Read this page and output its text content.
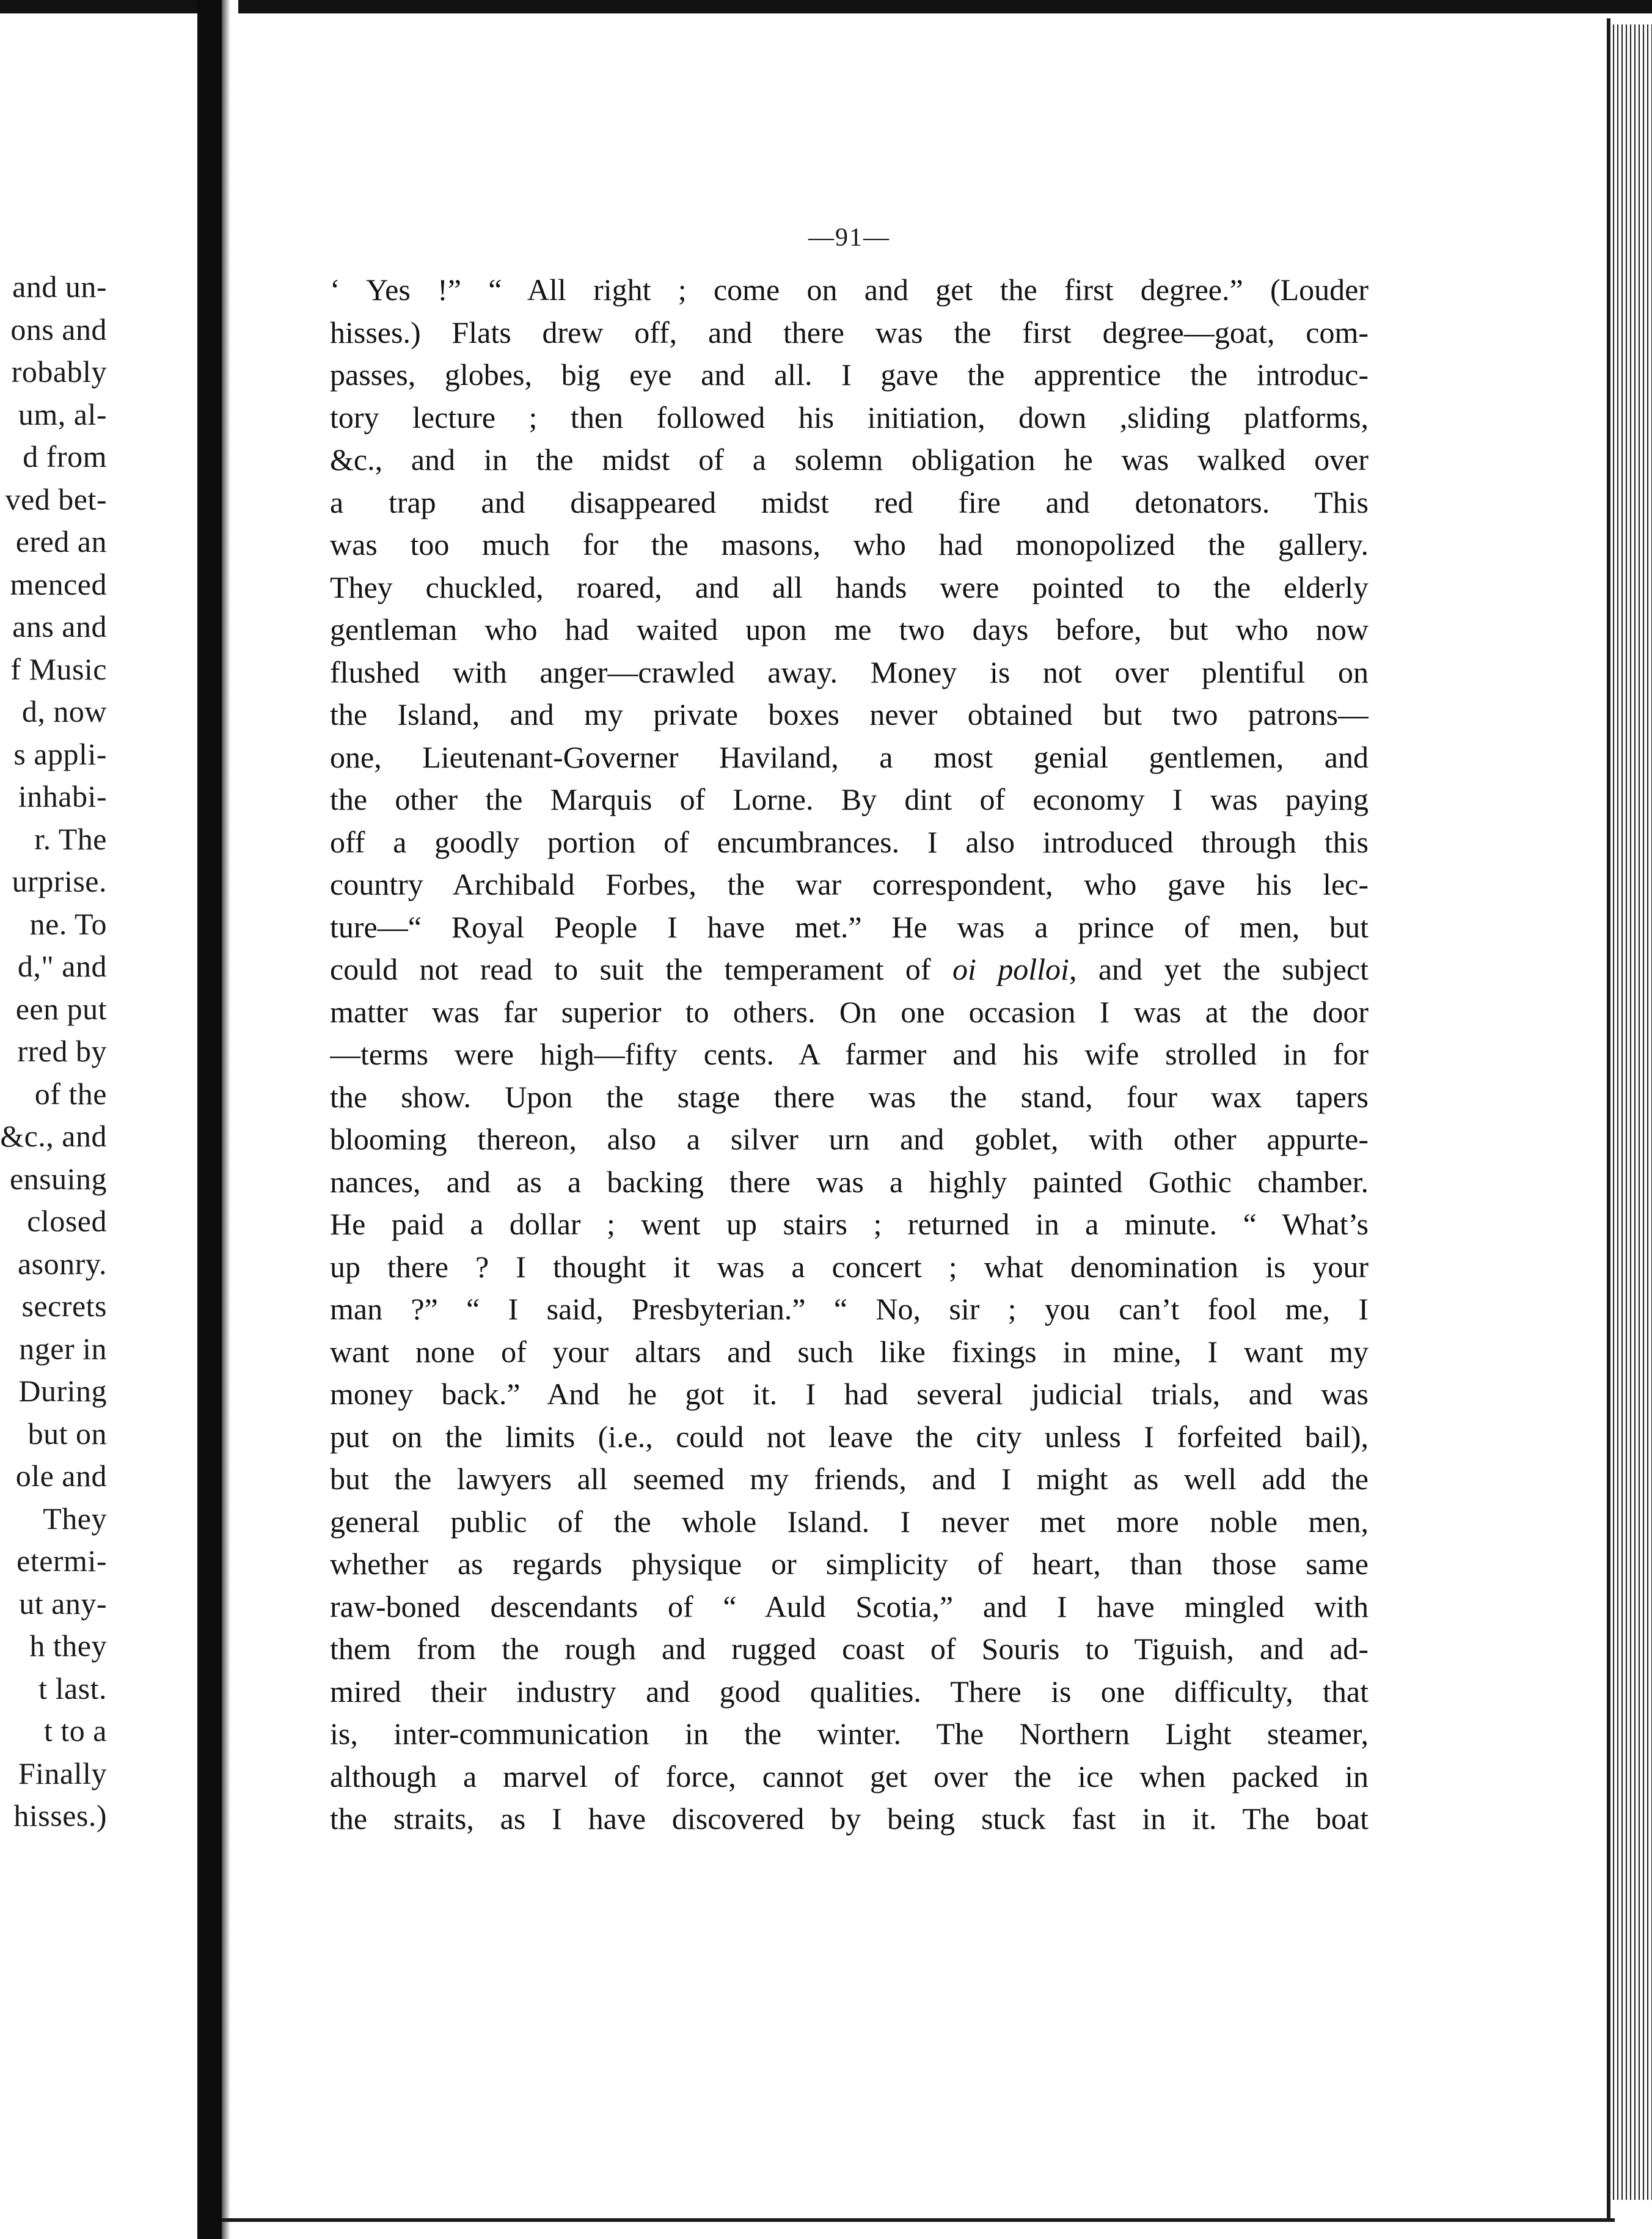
and un-
ons and
robably
um, al-
d from
ved bet-
ered an
menced
ans and
f Music
d, now
s appli-
inhabi-
r. The
urprise.
ne. To
d," and
een put
rred by
of the
&c., and
ensuing
closed
asonry.
secrets
nger in
During
but on
ole and
They
etermi-
ut any-
h they
t last.
t to a
Finally
hisses.)
—91—
‘ Yes !” “ All right ; come on and get the first degree.” (Louder
hisses.) Flats drew off, and there was the first degree—goat, com-
passes, globes, big eye and all. I gave the apprentice the introduc-
tory lecture ; then followed his initiation, down ,sliding platforms,
&c., and in the midst of a solemn obligation he was walked over
a trap and disappeared midst red fire and detonators. This
was too much for the masons, who had monopolized the gallery.
They chuckled, roared, and all hands were pointed to the elderly
gentleman who had waited upon me two days before, but who now
flushed with anger—crawled away. Money is not over plentiful on
the Island, and my private boxes never obtained but two patrons—
one, Lieutenant-Governer Haviland, a most genial gentlemen, and
the other the Marquis of Lorne. By dint of economy I was paying
off a goodly portion of encumbrances. I also introduced through this
country Archibald Forbes, the war correspondent, who gave his lec-
ture—“ Royal People I have met.” He was a prince of men, but
could not read to suit the temperament of oi polloi, and yet the subject
matter was far superior to others. On one occasion I was at the door
—terms were high—fifty cents. A farmer and his wife strolled in for
the show. Upon the stage there was the stand, four wax tapers
blooming thereon, also a silver urn and goblet, with other appurte-
nances, and as a backing there was a highly painted Gothic chamber.
He paid a dollar ; went up stairs ; returned in a minute. “ What’s
up there ? I thought it was a concert ; what denomination is your
man ?” “ I said, Presbyterian.” “ No, sir ; you can’t fool me, I
want none of your altars and such like fixings in mine, I want my
money back.” And he got it. I had several judicial trials, and was
put on the limits (i.e., could not leave the city unless I forfeited bail),
but the lawyers all seemed my friends, and I might as well add the
general public of the whole Island. I never met more noble men,
whether as regards physique or simplicity of heart, than those same
raw-boned descendants of “ Auld Scotia,” and I have mingled with
them from the rough and rugged coast of Souris to Tiguish, and ad-
mired their industry and good qualities. There is one difficulty, that
is, inter-communication in the winter. The Northern Light steamer,
although a marvel of force, cannot get over the ice when packed in
the straits, as I have discovered by being stuck fast in it. The boat
